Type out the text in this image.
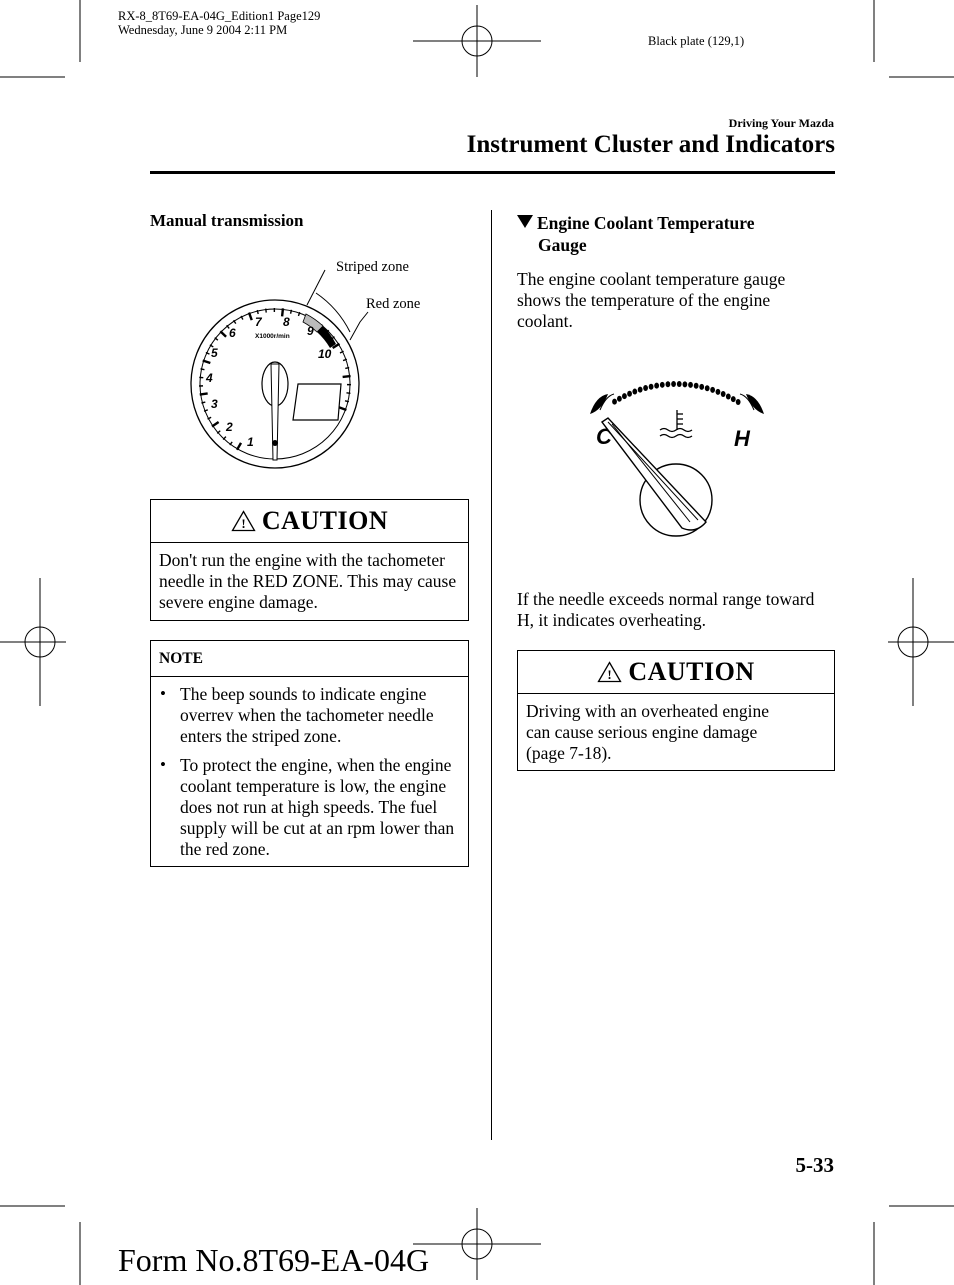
RX-8_8T69-EA-04G_Edition1 Page129
Wednesday, June 9 2004 2:11 PM
Black plate (129,1)
Driving Your Mazda
Instrument Cluster and Indicators
Manual transmission
Striped zone
Red zone
1
2
3
4
5
6
7 8
9
10
X1000r/min
! CAUTION
Don't run the engine with the tachometer needle in the RED ZONE. This may cause severe engine damage.
NOTE
• The beep sounds to indicate engine overrev when the tachometer needle enters the striped zone.
• To protect the engine, when the engine coolant temperature is low, the engine does not run at high speeds. The fuel supply will be cut at an rpm lower than the red zone.
Engine Coolant Temperature
Gauge
The engine coolant temperature gauge shows the temperature of the engine coolant.
C	H
If the needle exceeds normal range toward H, it indicates overheating.
! CAUTION
Driving with an overheated engine can cause serious engine damage (page 7-18).
5-33
Form No.8T69-EA-04G
